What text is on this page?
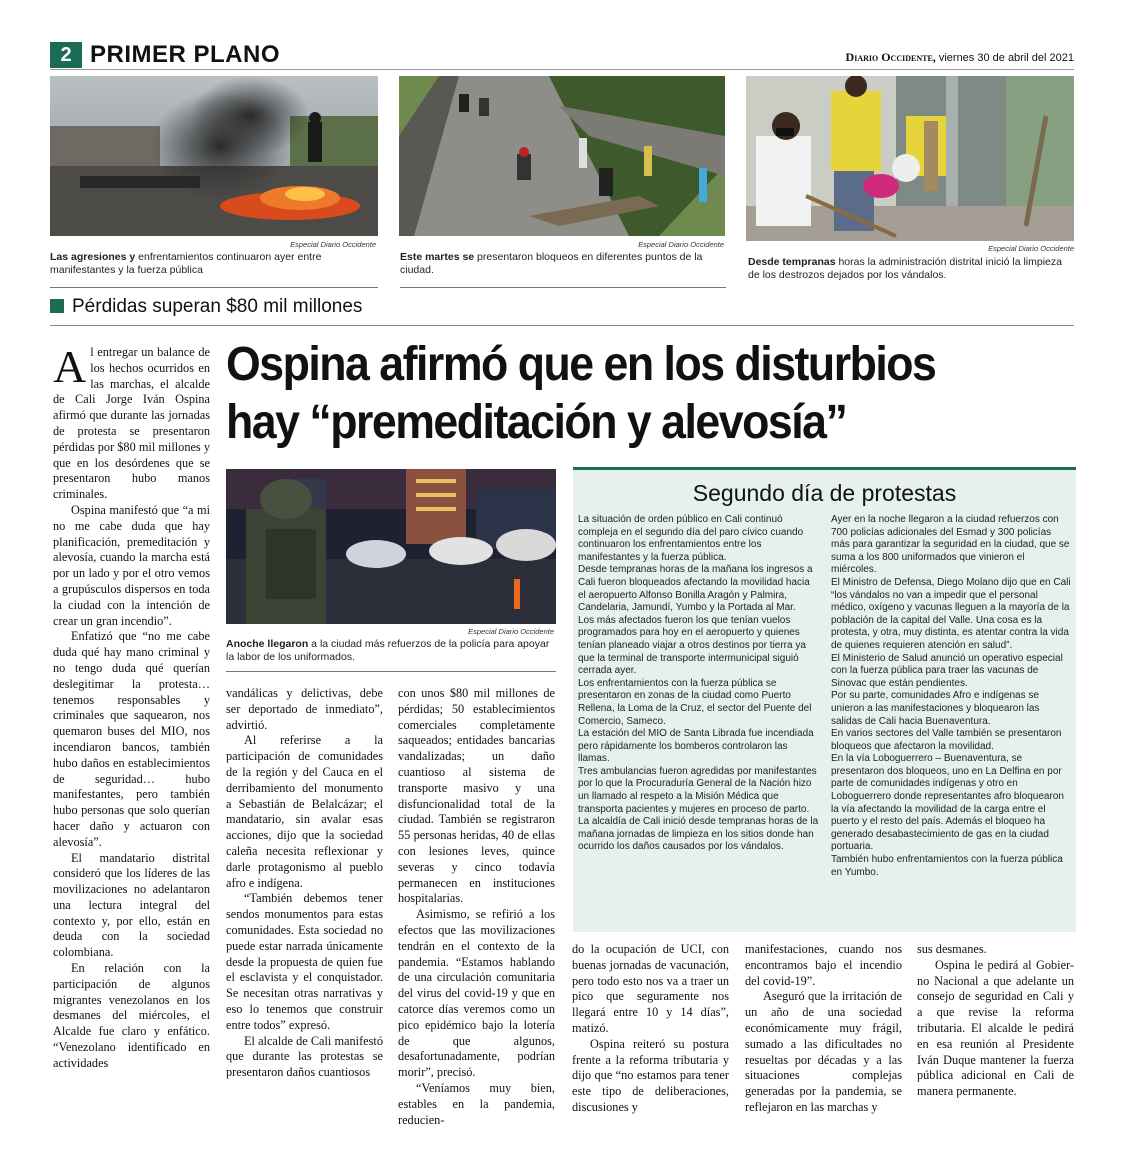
2 PRIMER PLANO	Diario Occidente, viernes 30 de abril del 2021
Especial Diario Occidente
Las agresiones y enfrentamientos continuaron ayer entre manifestantes y la fuerza pública
Especial Diario Occidente
Este martes se presentaron bloqueos en diferentes puntos de la ciudad.
Especial Diario Occidente
Desde tempranas horas la administración distrital inició la limpieza de los destrozos dejados por los vándalos.
Pérdidas superan $80 mil millones
Ospina afirmó que en los disturbios
hay “premeditación y alevosía”
Especial Diario Occidente
Anoche llegaron a la ciudad más refuerzos de la policía para apoyar la labor de los uniformados.

Al entregar un balance de los hechos ocurridos en las marchas, el alcalde de Cali Jorge Iván Ospina afirmó que durante las jornadas de protesta se presentaron pérdidas por $80 mil millones y que en los desórdenes que se presentaron hubo manos criminales.

Ospina manifestó que “a mi no me cabe duda que hay planificación, premeditación y alevosía, cuando la marcha está por un lado y por el otro vemos a grupúsculos dispersos en toda la ciudad con la intención de crear un gran incendio”.

Enfatizó que “no me cabe duda qué hay mano criminal y no tengo duda qué querían deslegitimar la protesta… tenemos responsables y criminales que saquearon, nos quemaron buses del MIO, nos incendiaron bancos, también hubo daños en establecimientos de seguridad… hubo manifestantes, pero también hubo personas que solo querían hacer daño y actuaron con alevosía”.

El mandatario distrital consideró que los líderes de las movilizaciones no adelantaron una lectura integral del contexto y, por ello, están en deuda con la sociedad colombiana.

En relación con la participación de algunos migrantes venezolanos en los desmanes del miércoles, el Alcalde fue claro y enfático. “Venezolano identificado en actividades

vandálicas y delictivas, debe ser deportado de inmediato”, advirtió.

Al referirse a la participación de comunidades de la región y del Cauca en el derribamiento del monumento a Sebastián de Belalcázar; el mandatario, sin avalar esas acciones, dijo que la sociedad caleña necesita reflexionar y darle protagonismo al pueblo afro e indígena.

“También debemos tener sendos monumentos para estas comunidades. Esta sociedad no puede estar narrada únicamente desde la propuesta de quien fue el esclavista y el conquistador. Se necesitan otras narrativas y eso lo tenemos que construir entre todos” expresó.

El alcalde de Cali manifestó que durante las protestas se presentaron daños cuantiosos

con unos $80 mil millones de pérdidas; 50 establecimientos comerciales completamente saqueados; entidades bancarias vandalizadas; un daño cuantioso al sistema de transporte masivo y una disfuncionalidad total de la ciudad. También se registraron 55 personas heridas, 40 de ellas con lesiones leves, quince severas y cinco todavía permanecen en instituciones hospitalarias.

Asimismo, se refirió a los efectos que las movilizaciones tendrán en el contexto de la pandemia. “Estamos hablando de una circulación comunitaria del virus del covid-19 y que en catorce días veremos como un pico epidémico bajo la lotería de que algunos, desafortunadamente, podrían morir”, precisó.

“Veníamos muy bien, estables en la pandemia, reducien-

Segundo día de protestas

La situación de orden público en Cali continuó compleja en el segundo día del paro cívico cuando continuaron los enfrentamientos entre los manifestantes y la fuerza pública.

Desde tempranas horas de la mañana los ingresos a Cali fueron bloqueados afectando la movilidad hacia el aeropuerto Alfonso Bonilla Aragón y Palmira, Candelaria, Jamundí, Yumbo y la Portada al Mar.

Los más afectados fueron los que tenían vuelos programados para hoy en el aeropuerto y quienes tenían planeado viajar a otros destinos por tierra ya que la terminal de transporte intermunicipal siguió cerrada ayer.

Los enfrentamientos con la fuerza pública se presentaron en zonas de la ciudad como Puerto Rellena, la Loma de la Cruz, el sector del Puente del Comercio, Sameco.

La estación del MIO de Santa Librada fue incendiada pero rápidamente los bomberos controlaron las llamas.

Tres ambulancias fueron agredidas por manifestantes por lo que la Procuraduría General de la Nación hizo un llamado al respeto a la Misión Médica que transporta pacientes y mujeres en proceso de parto.

La alcaldía de Cali inició desde tempranas horas de la mañana jornadas de limpieza en los sitios donde han ocurrido los daños causados por los vándalos.

Ayer en la noche llegaron a la ciudad refuerzos con 700 policías adicionales del Esmad y 300 policías más para garantizar la seguridad en la ciudad, que se suma a los 800 uniformados que vinieron el miércoles.

El Ministro de Defensa, Diego Molano dijo que en Cali “los vándalos no van a impedir que el personal médico, oxígeno y vacunas lleguen a la mayoría de la población de la capital del Valle. Una cosa es la protesta, y otra, muy distinta, es atentar contra la vida de quienes requieren atención en salud”.

El Ministerio de Salud anunció un operativo especial con la fuerza pública para traer las vacunas de Sinovac que están pendientes.

Por su parte, comunidades Afro e indígenas se unieron a las manifestaciones y bloquearon las salidas de Cali hacia Buenaventura.

En varios sectores del Valle también se presentaron bloqueos que afectaron la movilidad.

En la vía Loboguerrero – Buenaventura, se presentaron dos bloqueos, uno en La Delfina en por parte de comunidades indígenas y otro en Loboguerrero donde representantes afro bloquearon la vía afectando la movilidad de la carga entre el puerto y el resto del país. Además el bloqueo ha generado desabastecimiento de gas en la ciudad portuaria.

También hubo enfrentamientos con la fuerza pública en Yumbo.

do la ocupación de UCI, con buenas jornadas de vacunación, pero todo esto nos va a traer un pico que seguramente nos llegará entre 10 y 14 días”, matizó.

Ospina reiteró su postura frente a la reforma tributaria y dijo que “no estamos para tener este tipo de deliberaciones, discusiones y

manifestaciones, cuando nos encontramos bajo el incendio del covid-19”.

Aseguró que la irritación de un año de una sociedad económicamente muy frágil, sumado a las dificultades no resueltas por décadas y a las situaciones complejas generadas por la pandemia, se reflejaron en las marchas y

sus desmanes.

Ospina le pedirá al Gobier-no Nacional a que adelante un consejo de seguridad en Cali y a que revise la reforma tributaria. El alcalde le pedirá en esa reunión al Presidente Iván Duque mantener la fuerza pública adicional en Cali de manera permanente.
